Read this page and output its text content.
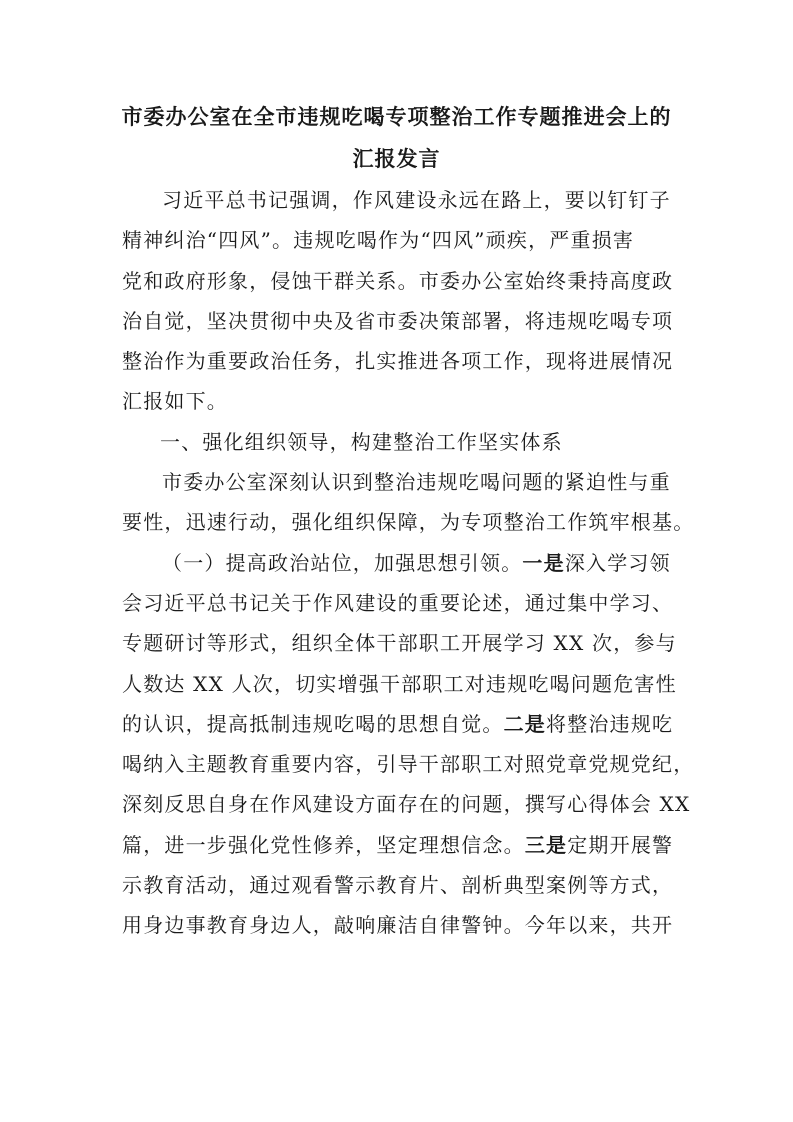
市委办公室在全市违规吃喝专项整治工作专题推进会上的
汇报发言
习近平总书记强调，作风建设永远在路上，要以钉钉子
精神纠治“四风”。违规吃喝作为“四风”顽疾，严重损害
党和政府形象，侵蚀干群关系。市委办公室始终秉持高度政
治自觉，坚决贯彻中央及省市委决策部署，将违规吃喝专项
整治作为重要政治任务，扎实推进各项工作，现将进展情况
汇报如下。
一、强化组织领导，构建整治工作坚实体系
市委办公室深刻认识到整治违规吃喝问题的紧迫性与重
要性，迅速行动，强化组织保障，为专项整治工作筑牢根基。
（一）提高政治站位，加强思想引领。一是深入学习领
会习近平总书记关于作风建设的重要论述，通过集中学习、
专题研讨等形式，组织全体干部职工开展学习 XX 次，参与
人数达 XX 人次，切实增强干部职工对违规吃喝问题危害性
的认识，提高抵制违规吃喝的思想自觉。二是将整治违规吃
喝纳入主题教育重要内容，引导干部职工对照党章党规党纪，
深刻反思自身在作风建设方面存在的问题，撰写心得体会 XX
篇，进一步强化党性修养，坚定理想信念。三是定期开展警
示教育活动，通过观看警示教育片、剖析典型案例等方式，
用身边事教育身边人，敲响廉洁自律警钟。今年以来，共开
